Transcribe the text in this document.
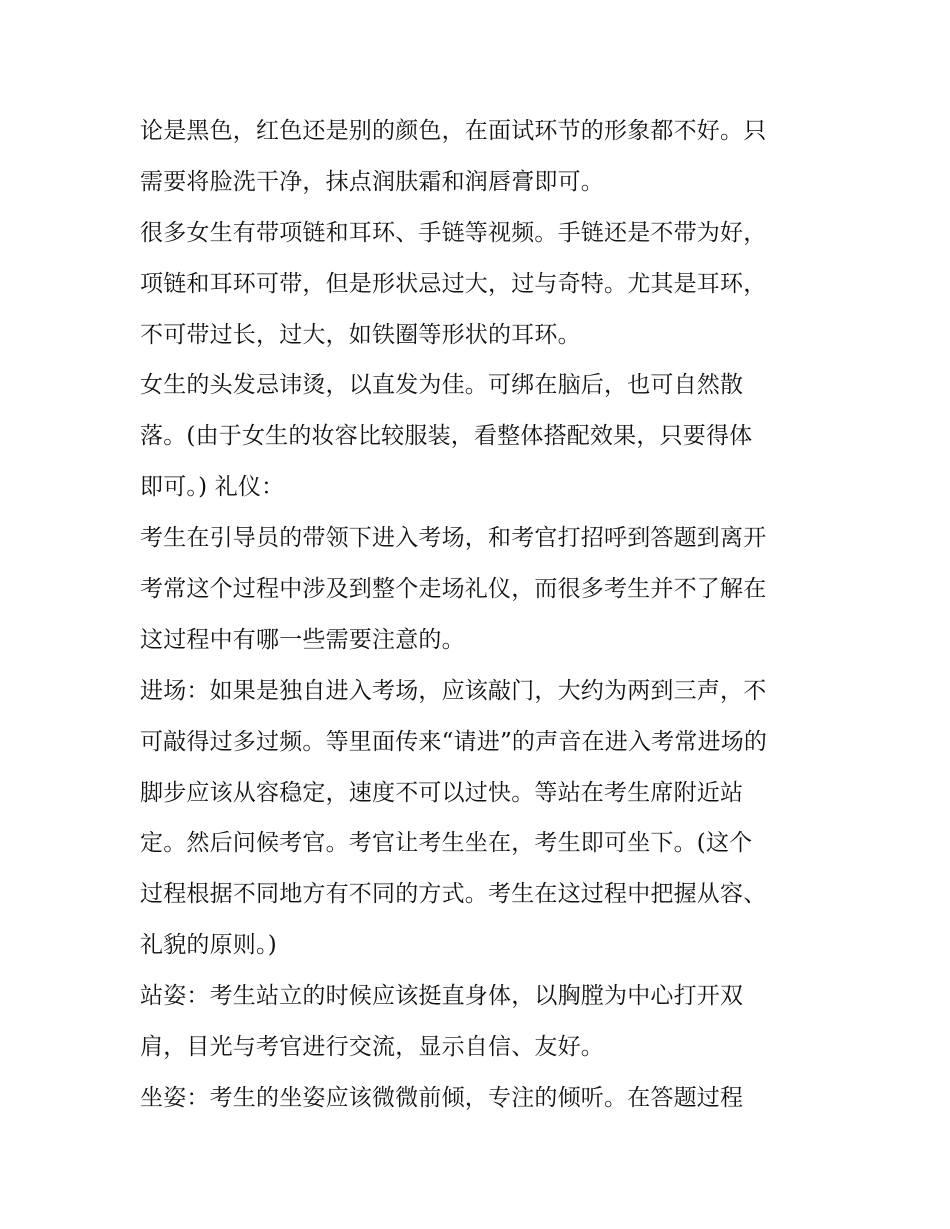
论是黑色，红色还是别的颜色，在面试环节的形象都不好。只
需要将脸洗干净，抹点润肤霜和润唇膏即可。
很多女生有带项链和耳环、手链等视频。手链还是不带为好，
项链和耳环可带，但是形状忌过大，过与奇特。尤其是耳环，
不可带过长，过大，如铁圈等形状的耳环。
女生的头发忌讳烫，以直发为佳。可绑在脑后，也可自然散
落。(由于女生的妆容比较服装，看整体搭配效果，只要得体
即可。) 礼仪：
考生在引导员的带领下进入考场，和考官打招呼到答题到离开
考常这个过程中涉及到整个走场礼仪，而很多考生并不了解在
这过程中有哪一些需要注意的。
进场：如果是独自进入考场，应该敲门，大约为两到三声，不
可敲得过多过频。等里面传来“请进”的声音在进入考常进场的
脚步应该从容稳定，速度不可以过快。等站在考生席附近站
定。然后问候考官。考官让考生坐在，考生即可坐下。(这个
过程根据不同地方有不同的方式。考生在这过程中把握从容、
礼貌的原则。)
站姿：考生站立的时候应该挺直身体，以胸膛为中心打开双
肩，目光与考官进行交流，显示自信、友好。
坐姿：考生的坐姿应该微微前倾，专注的倾听。在答题过程
